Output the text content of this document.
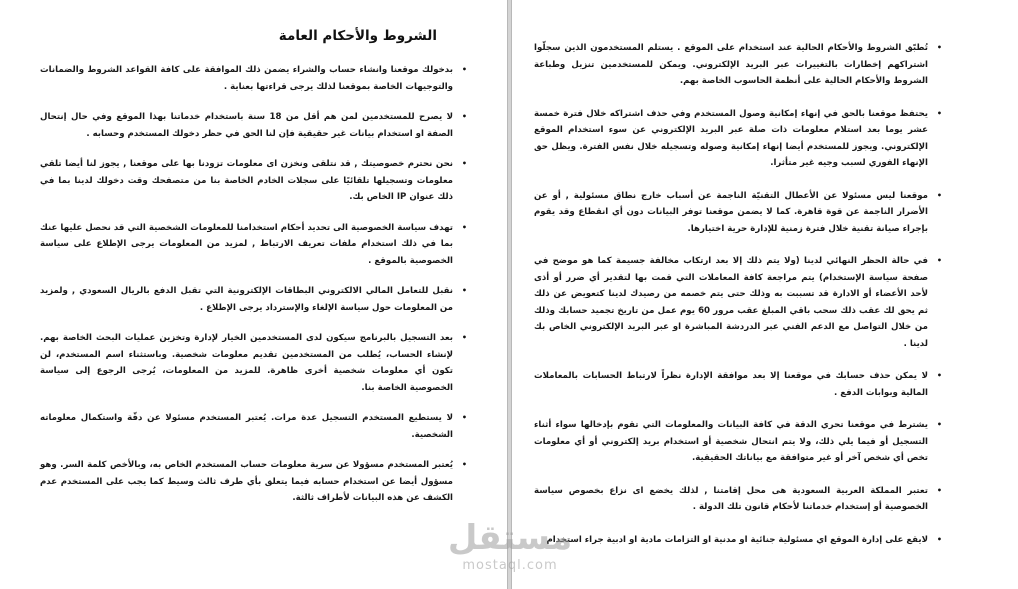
الشروط والأحكام العامة
•
بدخولك موقعنا وانشاء حساب والشراء يضمن ذلك الموافقة على كافة القواعد الشروط والضمانات والتوجيهات الخاصة بموقعنا لذلك يرجى قراءتها بعناية .
•
لا يصرح للمستخدمين لمن هم أقل من 18 سنة باستخدام خدماتنا بهذا الموقع وفي حال إنتحال الصفة او استخدام بيانات غير حقيقية فإن لنا الحق في حظر دخولك المستخدم وحسابه .
•
نحن نحترم خصوصيتك , قد نتلقى ونخزن اى معلومات تزودنا بها على موقعنا , يجوز لنا أيضا تلقي معلومات وتسجيلها تلقائيًا على سجلات الخادم الخاصة بنا من متصفحك وقت دخولك لدينا بما في ذلك عنوان IP الخاص بك.
•
تهدف سياسة الخصوصية الى تحديد أحكام استخدامنا للمعلومات الشخصية التي قد نحصل عليها عنك بما في ذلك استخدام ملفات تعريف الارتباط , لمزيد من المعلومات يرجى الإطلاع على سياسة الخصوصية بالموقع .
•
نقبل للتعامل المالي الالكتروني البطاقات الإلكترونية التي تقبل الدفع بالريال السعودي , ولمزيد من المعلومات حول سياسة الإلغاء والإسترداد يرجى الإطلاع .
•
بعد التسجيل بالبرنامج سيكون لدى المستخدمين الخيار لإدارة وتخزين عمليات البحث الخاصة بهم. لإنشاء الحساب، يُطلب من المستخدمين تقديم معلومات شخصية. وباستثناء اسم المستخدم، لن تكون أي معلومات شخصية أخرى ظاهرة. للمزيد من المعلومات، يُرجى الرجوع إلى سياسة الخصوصية الخاصة بنا.
•
لا يستطيع المستخدم التسجيل عدة مرات. يُعتبر المستخدم مسئولا عن دقّة واستكمال معلوماته الشخصية.
•
يُعتبر المستخدم مسؤولا عن سرية معلومات حساب المستخدم الخاص به، وبالأخص كلمة السر. وهو مسؤول أيضا عن استخدام حسابه فيما يتعلق بأي طرف ثالث وسيط كما يجب على المستخدم عدم الكشف عن هذه البيانات لأطراف ثالثة.
•
تُطبّق الشروط والأحكام الحالية عند استخدام على الموقع . يستلم المستخدمون الذين سجلّوا اشتراكهم إخطارات بالتغييرات عبر البريد الإلكتروني. ويمكن للمستخدمين تنزيل وطباعة الشروط والأحكام الحالية على أنظمة الحاسوب الخاصة بهم.
•
يحتفظ موقعنا بالحق في إنهاء إمكانية وصول المستخدم وفي حذف اشتراكه خلال فترة خمسة عشر يوما بعد استلام معلومات ذات صلة عبر البريد الإلكتروني عن سوء استخدام الموقع الإلكتروني. ويجوز للمستخدم أيضا إنهاء إمكانية وصوله وتسجيله خلال نفس الفترة. ويظل حق الإنهاء الفوري لسبب وجيه غير متأثرا.
•
موقعنا ليس مسئولا عن الأعطال التقنيّة الناجمة عن أسباب خارج نطاق مسئولية , أو عن الأضرار الناجمة عن قوة قاهرة. كما لا يضمن موقعنا توفر البيانات دون أي انقطاع وقد يقوم بإجراء صيانة تقنية خلال فترة زمنية للإدارة حرية اختيارها.
•
في حالة الحظر النهائي لدينا (ولا يتم ذلك إلا بعد ارتكاب مخالفة جسيمة كما هو موضح في صفحة سياسة الإستخدام) يتم مراجعة كافة المعاملات التي قمت بها لتقدير أي ضرر أو أذى لأحد الأعضاء أو الادارة قد تسببت به وذلك حتى يتم خصمه من رصيدك لدينا كتعويض عن ذلك ثم يحق لك عقب ذلك سحب باقي المبلغ عقب مرور 60 يوم عمل من تاريخ تجميد حسابك وذلك من خلال التواصل مع الدعم الفني عبر الدردشة المباشرة او عبر البريد الإلكتروني الخاص بك لدينا .
•
لا يمكن حذف حسابك في موقعنا إلا بعد موافقة الإدارة نظراً لارتباط الحسابات بالمعاملات المالية وبوابات الدفع .
•
يشترط في موقعنا تحري الدقة في كافة البيانات والمعلومات التي تقوم بإدخالها سواء أثناء التسجيل أو فيما يلي ذلك، ولا يتم انتحال شخصية أو استخدام بريد إلكتروني أو أي معلومات تخص أي شخص آخر أو غير متوافقة مع بياناتك الحقيقية.
•
تعتبر المملكة العربية السعودية هى محل إقامتنا , لذلك يخضع اى نزاع بخصوص سياسة الخصوصية أو إستخدام خدماتنا لأحكام قانون تلك الدولة .
•
لايقع على إدارة الموقع اي مسئولية جنائية او مدنية او التزامات مادية او ادبية جراء استخدام
مستقل
mostaql.com
